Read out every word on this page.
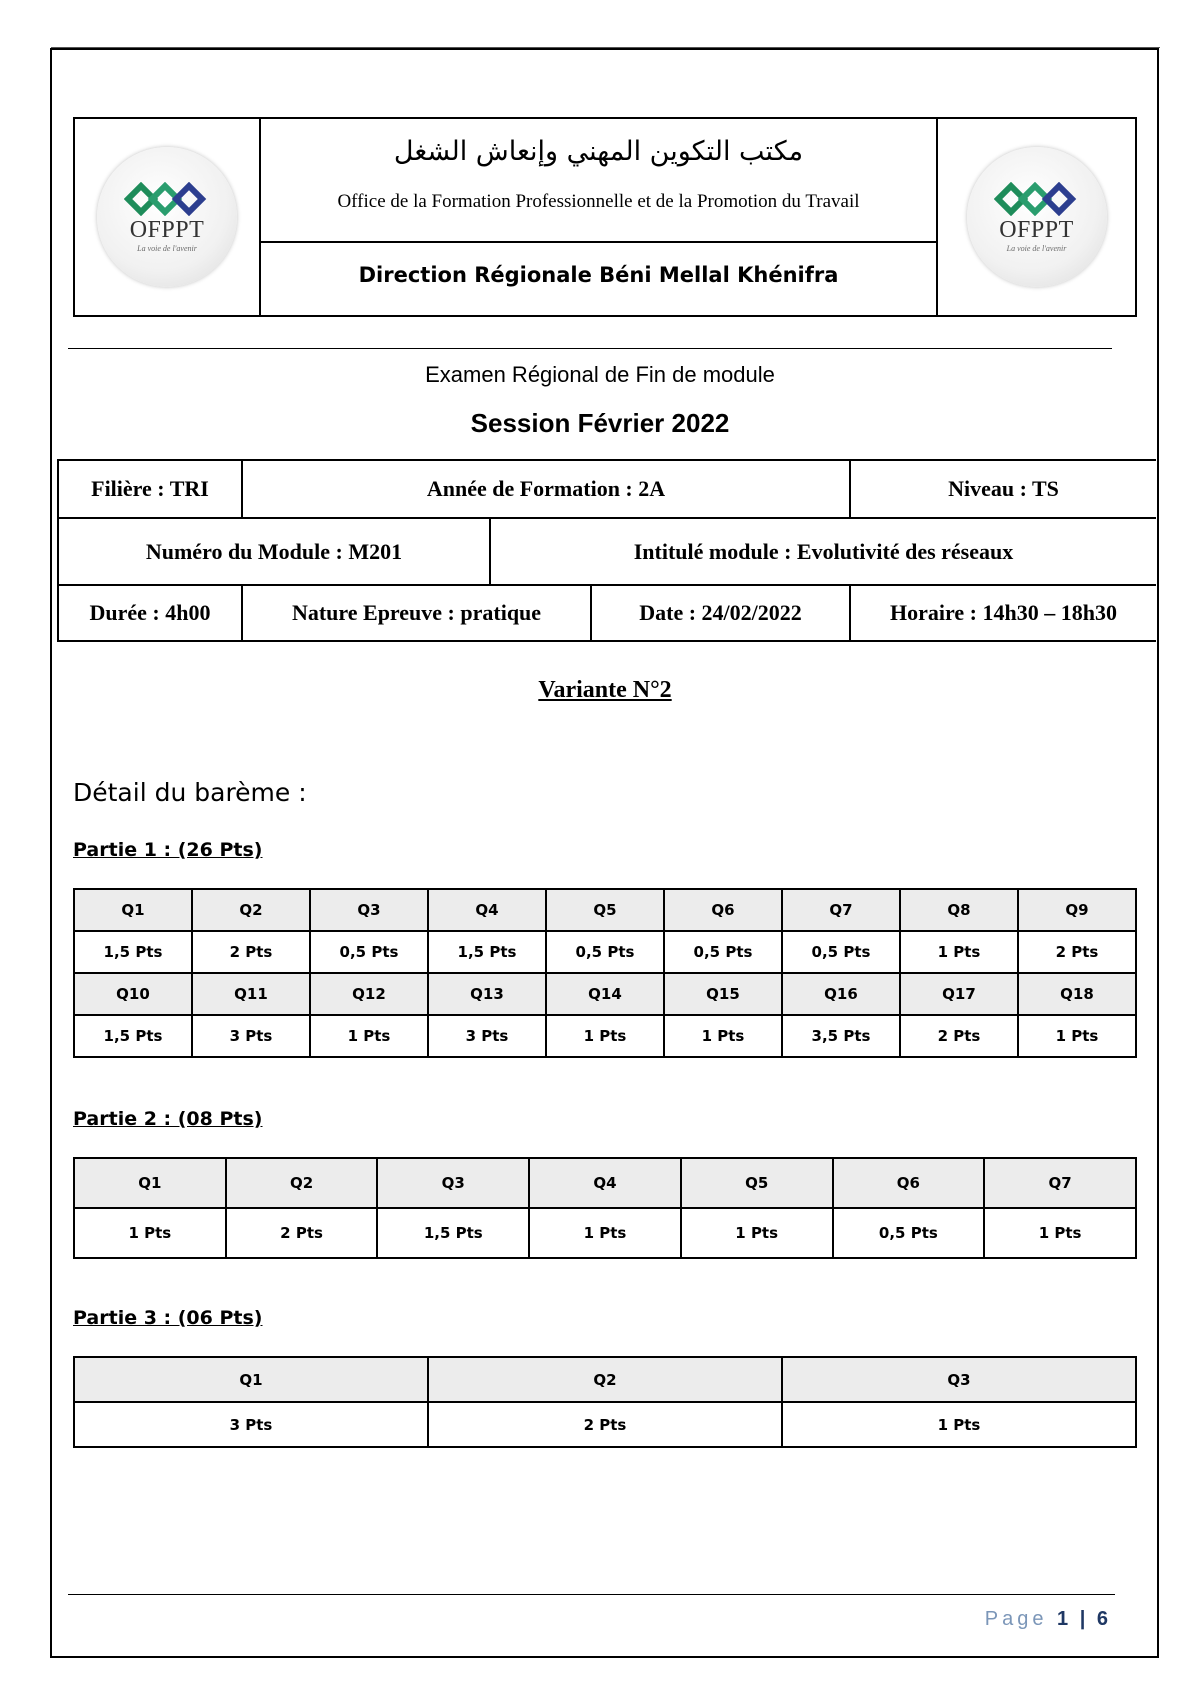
OFPPT
La voie de l'avenir
مكتب التكوين المهني وإنعاش الشغل
Office de la Formation Professionnelle et de la Promotion du Travail
Direction Régionale Béni Mellal Khénifra
OFPPT
La voie de l'avenir
Examen Régional de Fin de module
Session Février 2022
Filière : TRI	Année de Formation : 2A	Niveau : TS
Numéro du Module : M201	Intitulé module : Evolutivité des réseaux
Durée : 4h00	Nature Epreuve : pratique	Date : 24/02/2022	Horaire : 14h30 – 18h30
Variante N°2
Détail du barème :
Partie 1 : (26 Pts)
Q1	Q2	Q3	Q4	Q5	Q6	Q7	Q8	Q9
1,5 Pts	2 Pts	0,5 Pts	1,5 Pts	0,5 Pts	0,5 Pts	0,5 Pts	1 Pts	2 Pts
Q10	Q11	Q12	Q13	Q14	Q15	Q16	Q17	Q18
1,5 Pts	3 Pts	1 Pts	3 Pts	1 Pts	1 Pts	3,5 Pts	2 Pts	1 Pts
Partie 2 : (08 Pts)
Q1	Q2	Q3	Q4	Q5	Q6	Q7
1 Pts	2 Pts	1,5 Pts	1 Pts	1 Pts	0,5 Pts	1 Pts
Partie 3 : (06 Pts)
Q1	Q2	Q3
3 Pts	2 Pts	1 Pts
Page 1 | 6
